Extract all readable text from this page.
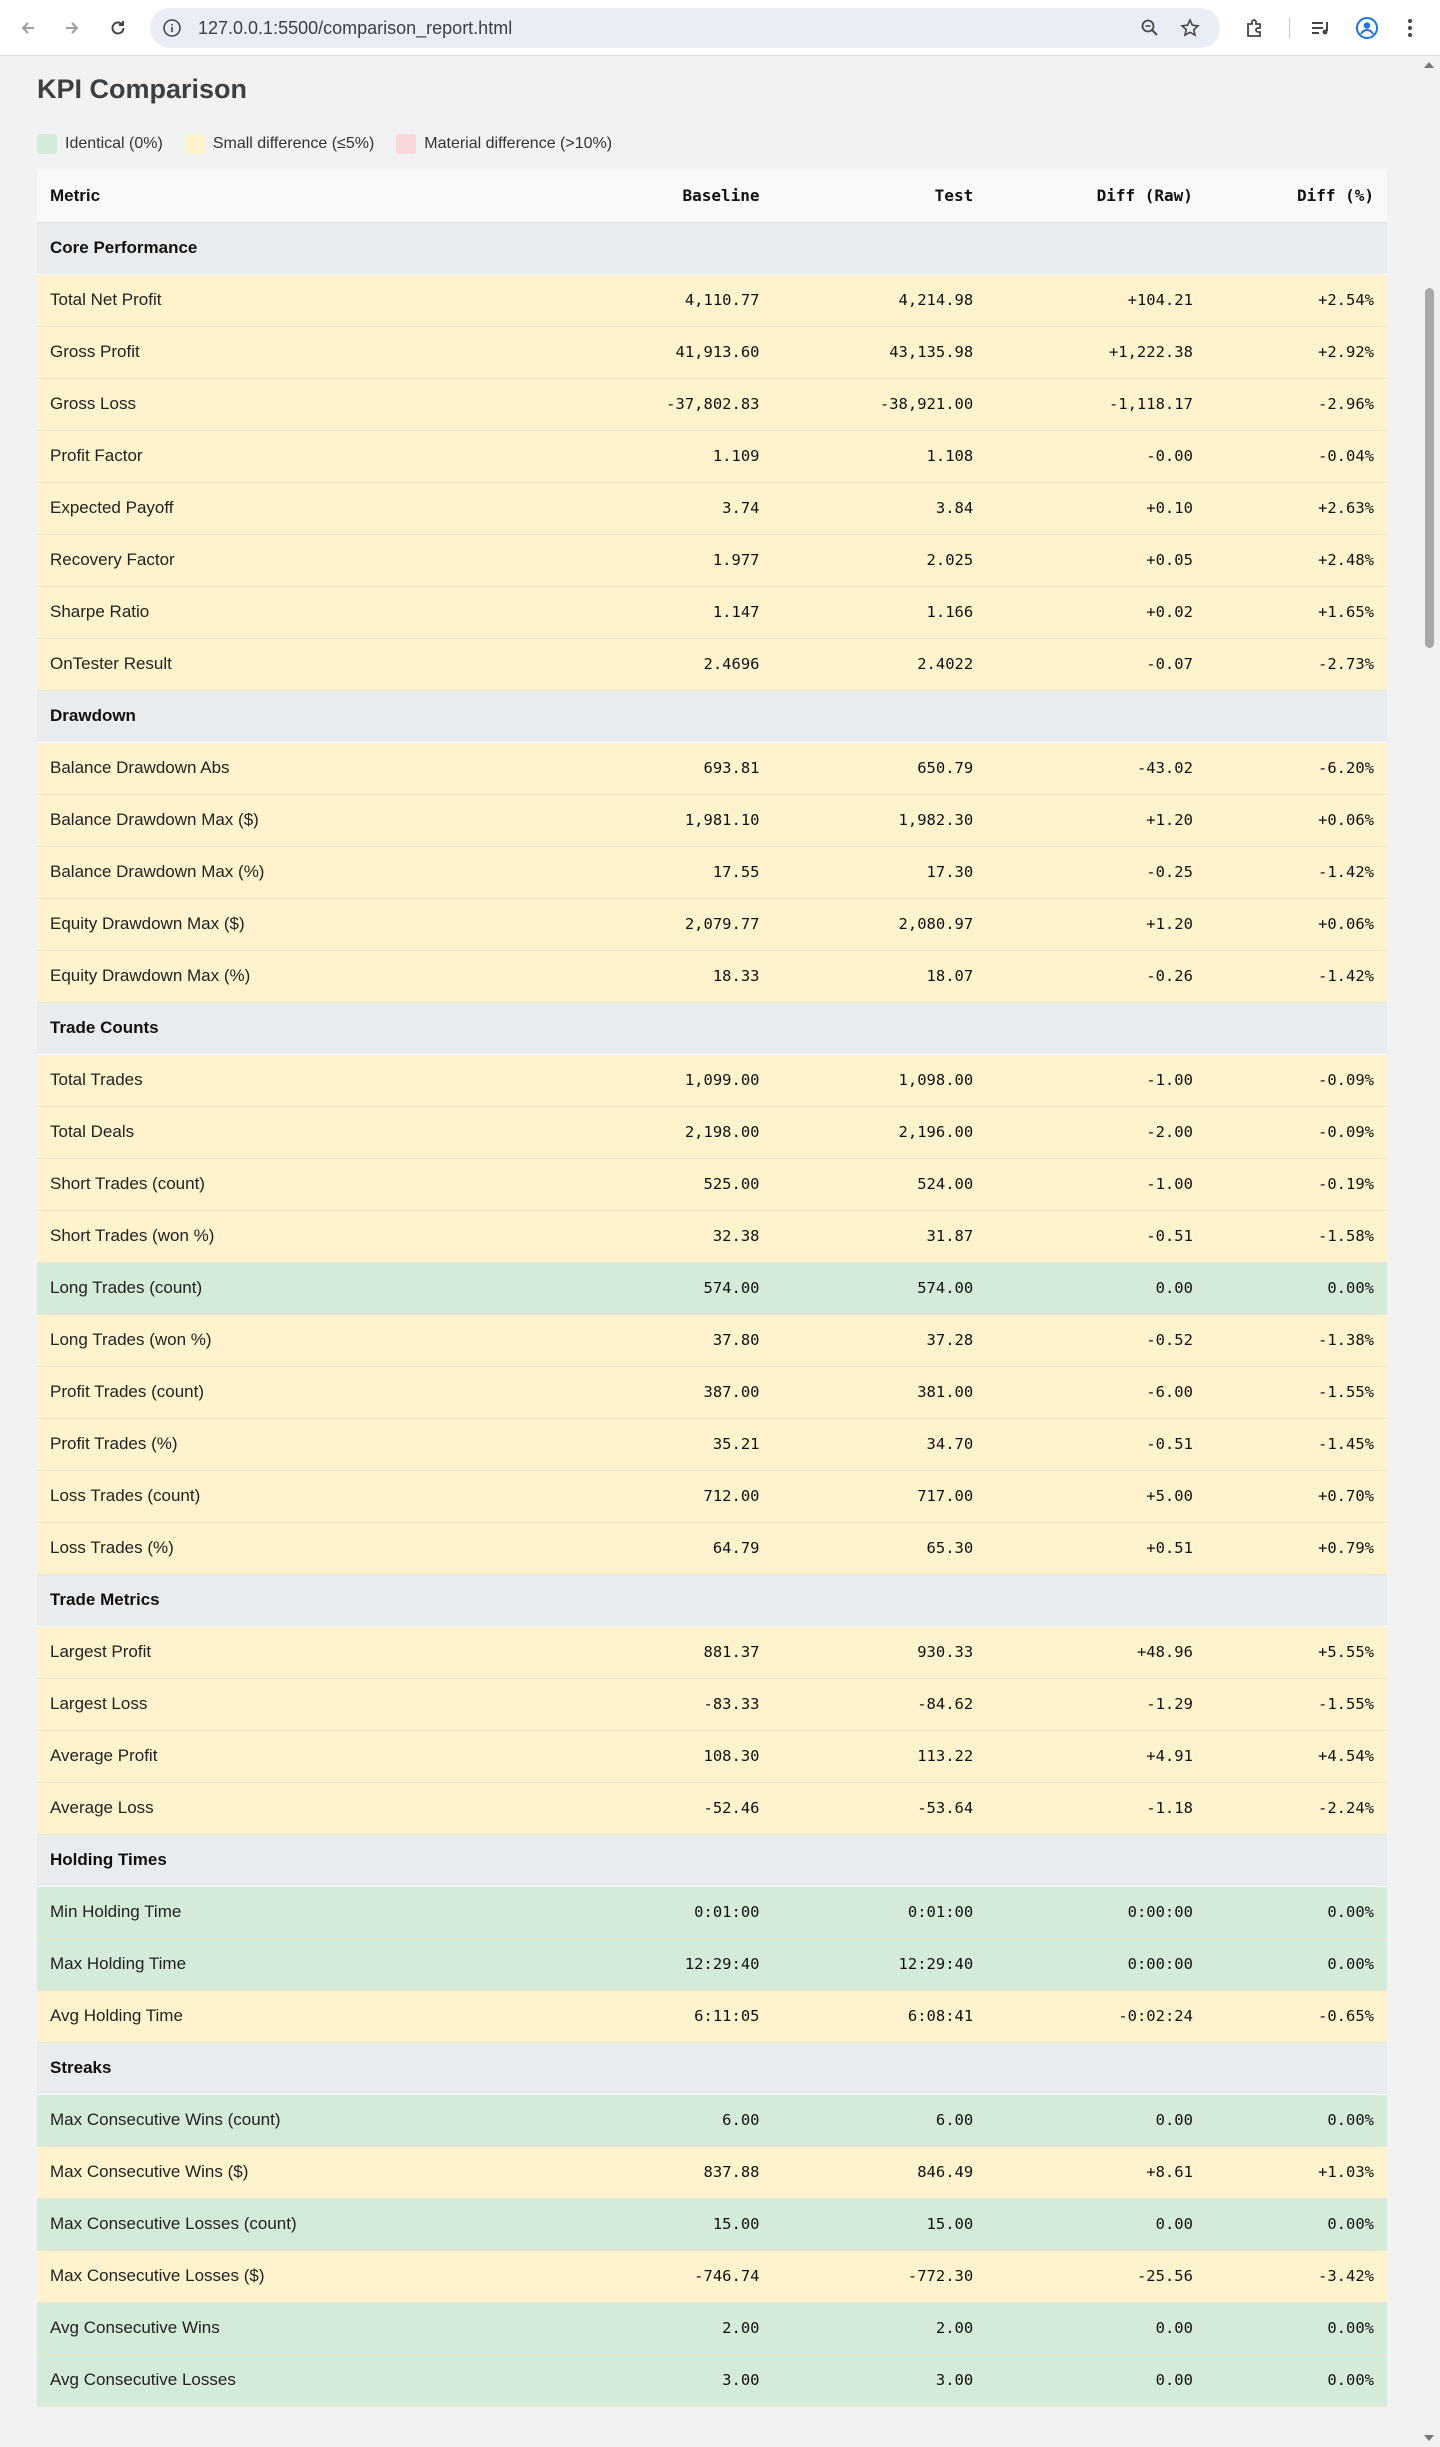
127.0.0.1:5500/comparison_report.html
KPI Comparison
Identical (0%)	Small difference (≤5%)	Material difference (>10%)
Metric	Baseline	Test	Diff (Raw)	Diff (%)
Core Performance				
Total Net Profit	4,110.77	4,214.98	+104.21	+2.54%
Gross Profit	41,913.60	43,135.98	+1,222.38	+2.92%
Gross Loss	-37,802.83	-38,921.00	-1,118.17	-2.96%
Profit Factor	1.109	1.108	-0.00	-0.04%
Expected Payoff	3.74	3.84	+0.10	+2.63%
Recovery Factor	1.977	2.025	+0.05	+2.48%
Sharpe Ratio	1.147	1.166	+0.02	+1.65%
OnTester Result	2.4696	2.4022	-0.07	-2.73%
Drawdown				
Balance Drawdown Abs	693.81	650.79	-43.02	-6.20%
Balance Drawdown Max ($)	1,981.10	1,982.30	+1.20	+0.06%
Balance Drawdown Max (%)	17.55	17.30	-0.25	-1.42%
Equity Drawdown Max ($)	2,079.77	2,080.97	+1.20	+0.06%
Equity Drawdown Max (%)	18.33	18.07	-0.26	-1.42%
Trade Counts				
Total Trades	1,099.00	1,098.00	-1.00	-0.09%
Total Deals	2,198.00	2,196.00	-2.00	-0.09%
Short Trades (count)	525.00	524.00	-1.00	-0.19%
Short Trades (won %)	32.38	31.87	-0.51	-1.58%
Long Trades (count)	574.00	574.00	0.00	0.00%
Long Trades (won %)	37.80	37.28	-0.52	-1.38%
Profit Trades (count)	387.00	381.00	-6.00	-1.55%
Profit Trades (%)	35.21	34.70	-0.51	-1.45%
Loss Trades (count)	712.00	717.00	+5.00	+0.70%
Loss Trades (%)	64.79	65.30	+0.51	+0.79%
Trade Metrics				
Largest Profit	881.37	930.33	+48.96	+5.55%
Largest Loss	-83.33	-84.62	-1.29	-1.55%
Average Profit	108.30	113.22	+4.91	+4.54%
Average Loss	-52.46	-53.64	-1.18	-2.24%
Holding Times				
Min Holding Time	0:01:00	0:01:00	0:00:00	0.00%
Max Holding Time	12:29:40	12:29:40	0:00:00	0.00%
Avg Holding Time	6:11:05	6:08:41	-0:02:24	-0.65%
Streaks				
Max Consecutive Wins (count)	6.00	6.00	0.00	0.00%
Max Consecutive Wins ($)	837.88	846.49	+8.61	+1.03%
Max Consecutive Losses (count)	15.00	15.00	0.00	0.00%
Max Consecutive Losses ($)	-746.74	-772.30	-25.56	-3.42%
Avg Consecutive Wins	2.00	2.00	0.00	0.00%
Avg Consecutive Losses	3.00	3.00	0.00	0.00%
